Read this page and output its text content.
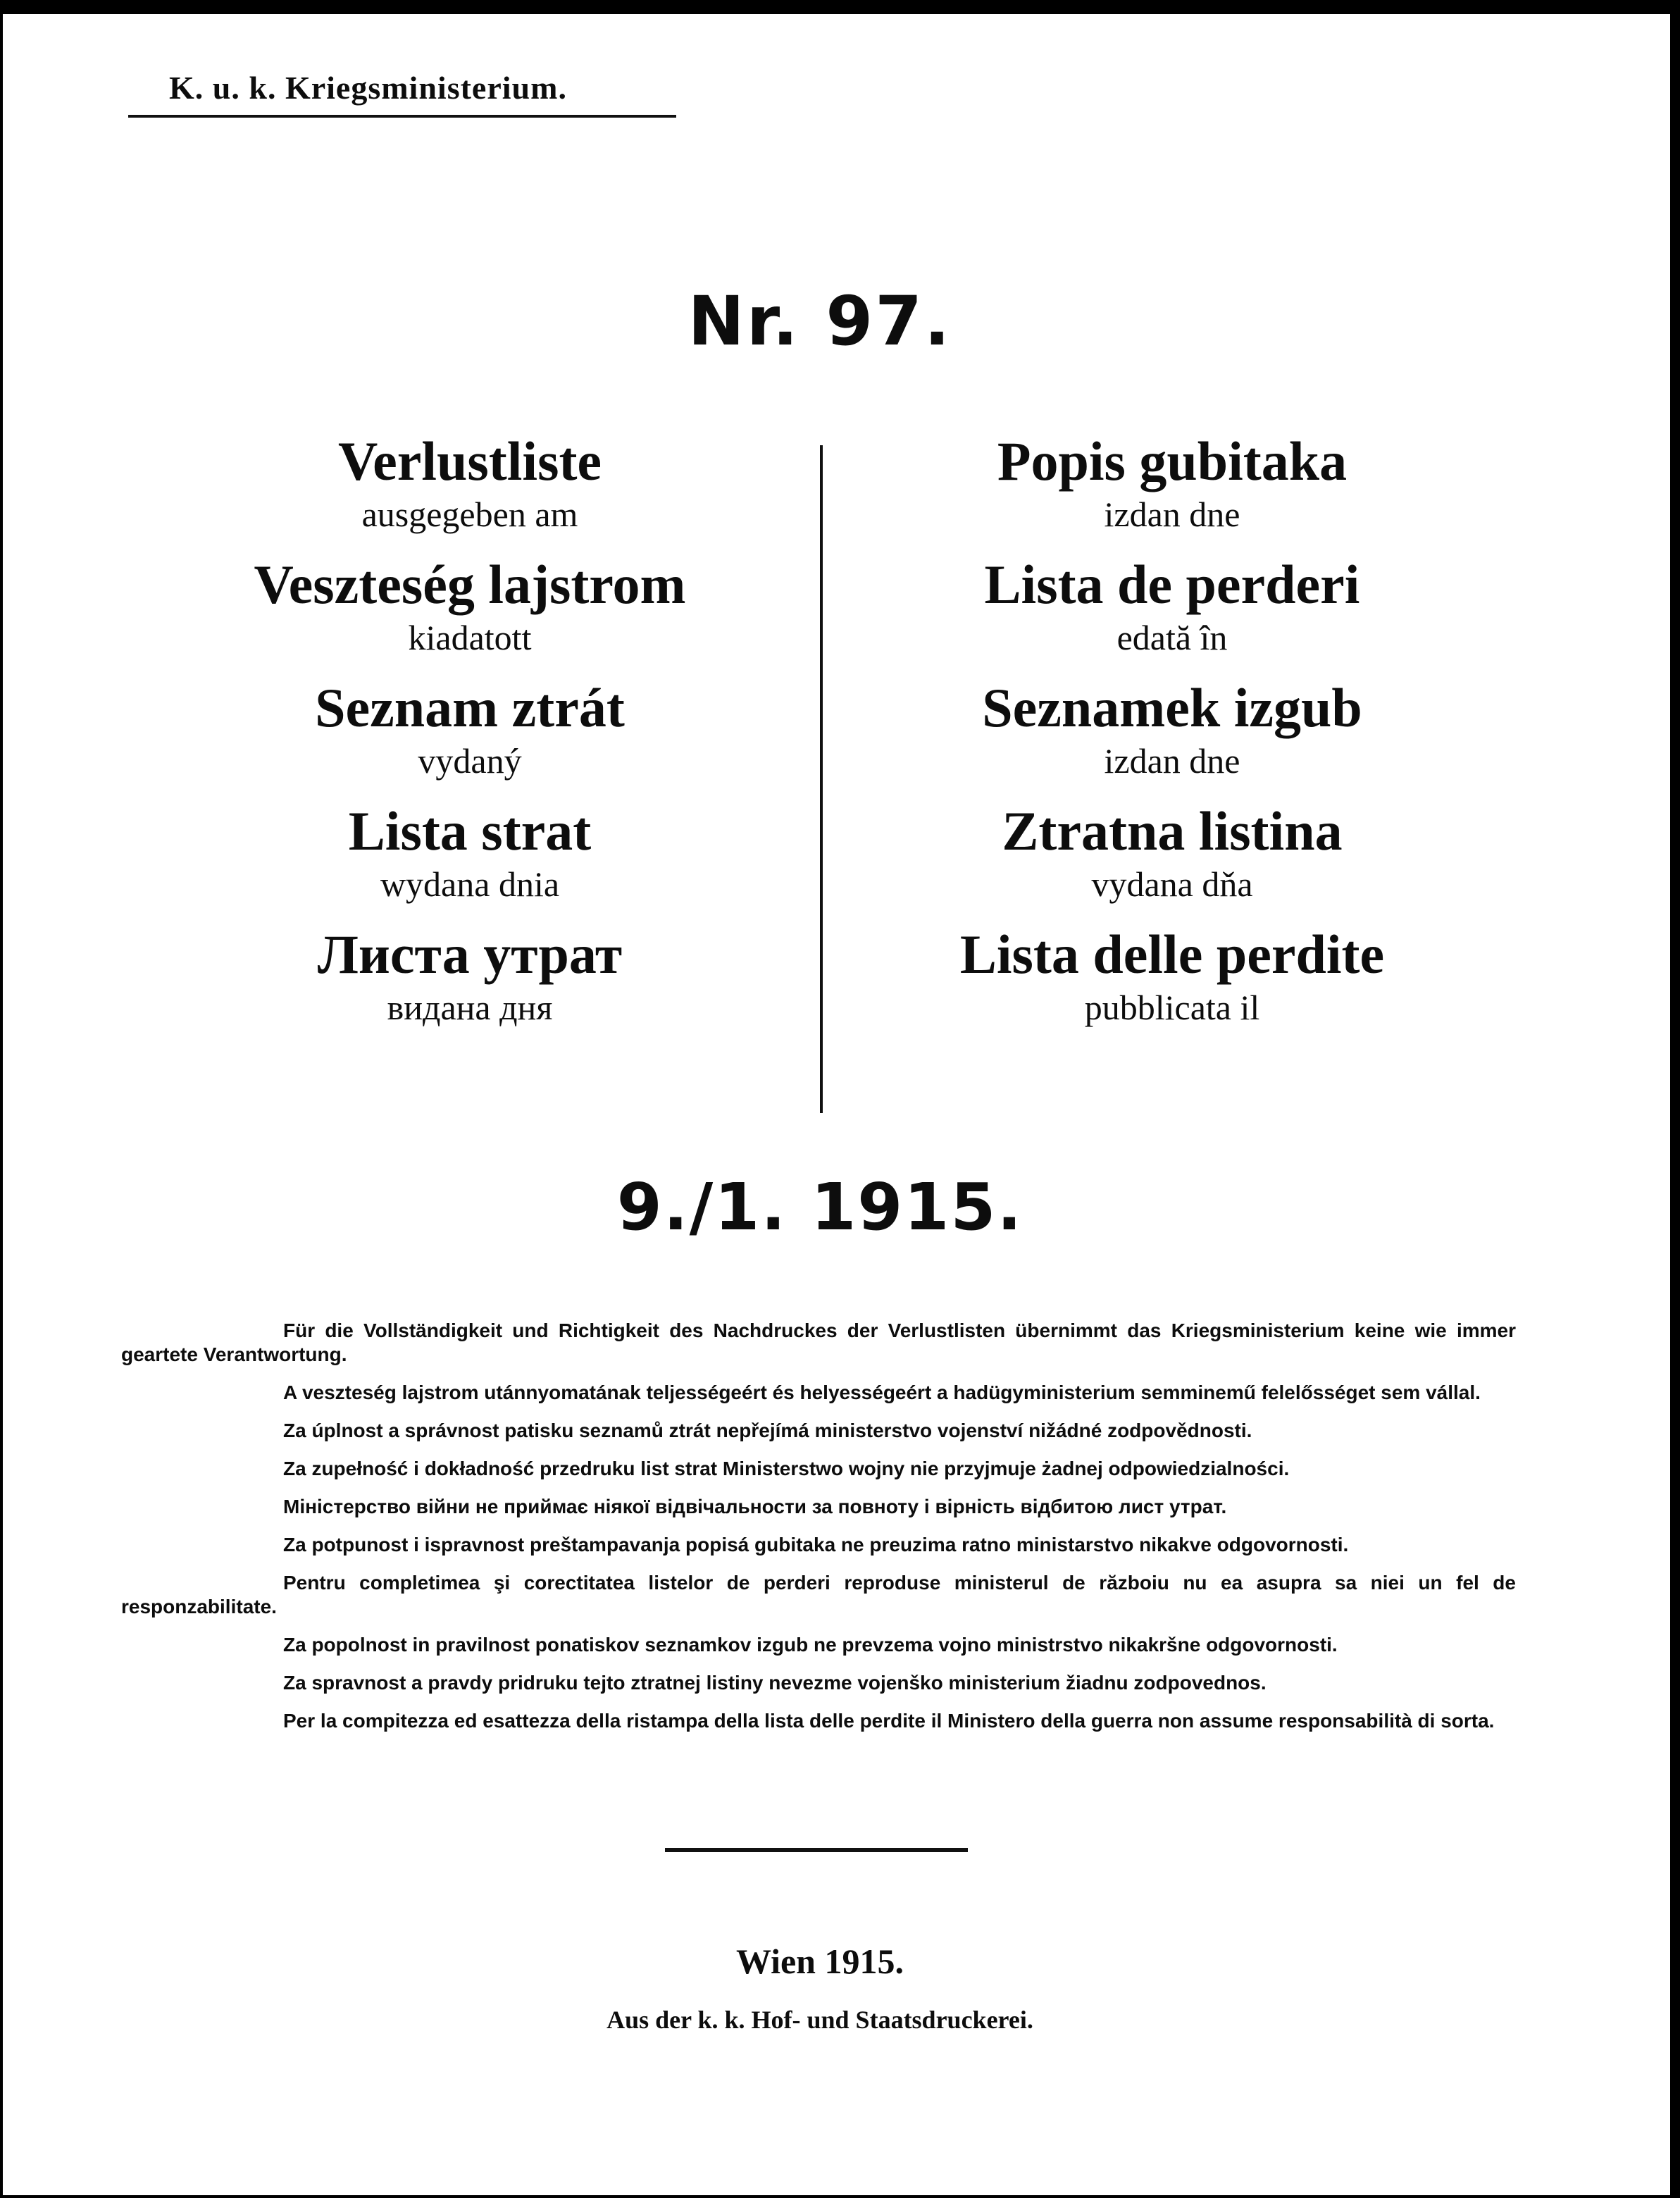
K. u. k. Kriegsministerium.
Nr. 97.
Verlustliste
ausgegeben am
Veszteség lajstrom
kiadatott
Seznam ztrát
vydaný
Lista strat
wydana dnia
Листа утрат
видана дня
Popis gubitaka
izdan dne
Lista de perderi
edată în
Seznamek izgub
izdan dne
Ztratna listina
vydana dňa
Lista delle perdite
pubblicata il
9./1. 1915.

Für die Vollständigkeit und Richtigkeit des Nachdruckes der Verlustlisten übernimmt das Kriegsministerium keine wie immer geartete Verantwortung.

A veszteség lajstrom utánnyomatának teljességeért és helyességeért a hadügyministerium semminemű felelősséget sem vállal.

Za úplnost a správnost patisku seznamů ztrát nepřejímá ministerstvo vojenství nižádné zodpovědnosti.

Za zupełność i dokładność przedruku list strat Ministerstwo wojny nie przyjmuje żadnej odpowiedzialności.

Міністерство війни не приймає ніякої відвічальности за повноту і вірність відбитою лист утрат.

Za potpunost i ispravnost preštampavanja popisá gubitaka ne preuzima ratno ministarstvo nikakve odgovornosti.

Pentru completimea şi corectitatea listelor de perderi reproduse ministerul de războiu nu ea asupra sa niei un fel de responzabilitate.

Za popolnost in pravilnost ponatiskov seznamkov izgub ne prevzema vojno ministrstvo nikakršne odgovornosti.

Za spravnost a pravdy pridruku tejto ztratnej listiny nevezme vojenško ministerium žiadnu zodpovednos.

Per la compitezza ed esattezza della ristampa della lista delle perdite il Ministero della guerra non assume responsabilità di sorta.

Wien 1915.
Aus der k. k. Hof- und Staatsdruckerei.
